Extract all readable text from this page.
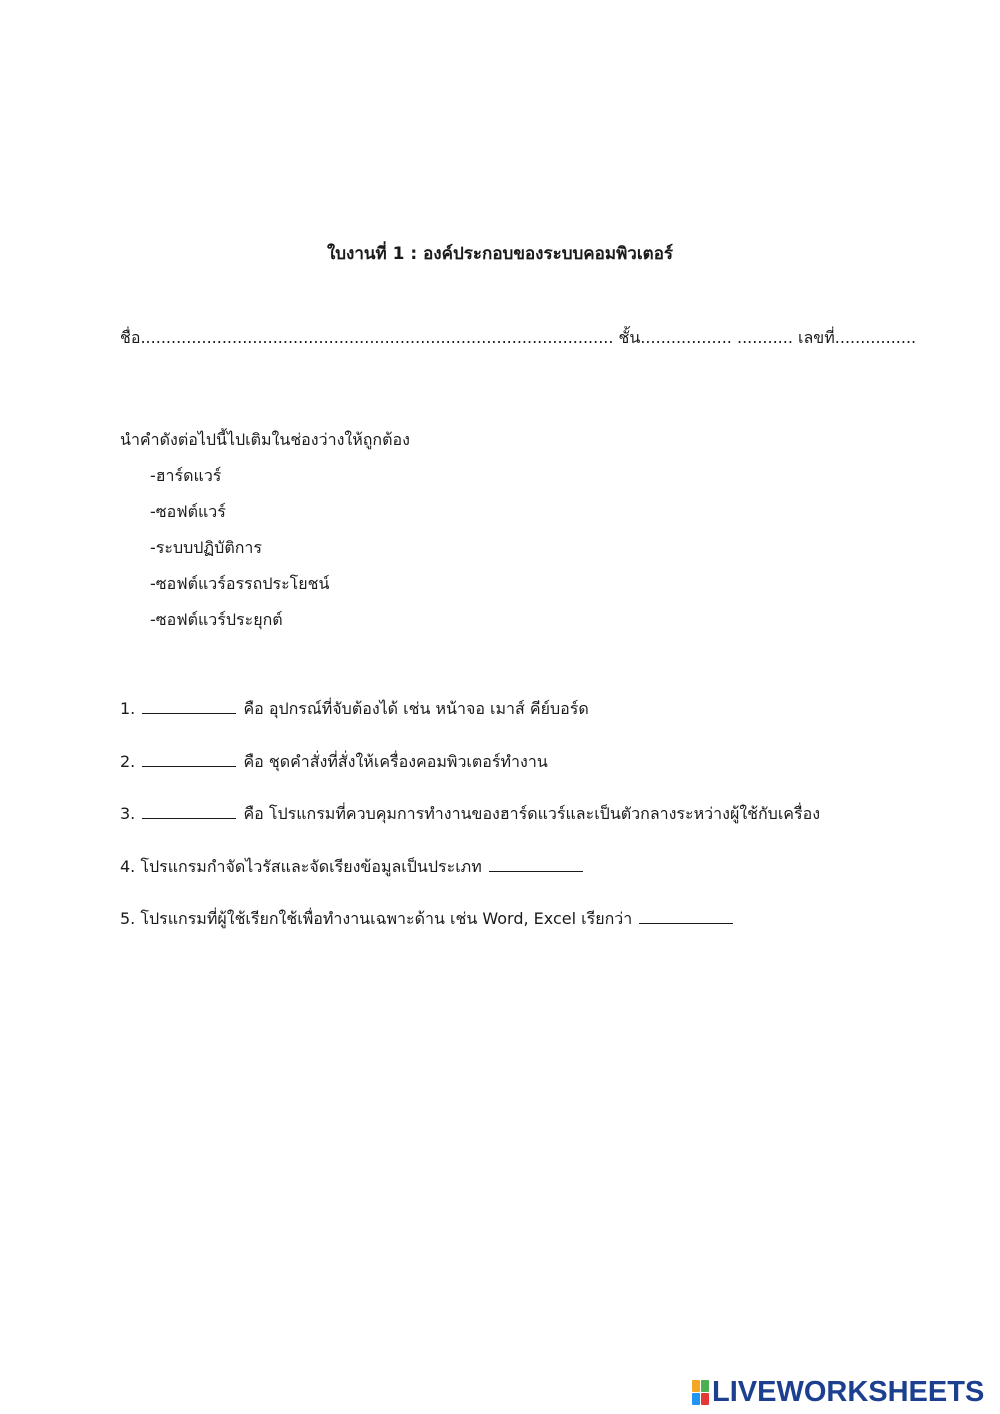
ใบงานที่ 1 : องค์ประกอบของระบบคอมพิวเตอร์
ชื่อ............................................................................................. ชั้น.................. ........... เลขที่................
นำคำดังต่อไปนี้ไปเติมในช่องว่างให้ถูกต้อง
-ฮาร์ดแวร์
-ซอฟต์แวร์
-ระบบปฏิบัติการ
-ซอฟต์แวร์อรรถประโยชน์
-ซอฟต์แวร์ประยุกต์
1.	คือ อุปกรณ์ที่จับต้องได้ เช่น หน้าจอ เมาส์ คีย์บอร์ด
2.	คือ ชุดคำสั่งที่สั่งให้เครื่องคอมพิวเตอร์ทำงาน
3.	คือ โปรแกรมที่ควบคุมการทำงานของฮาร์ดแวร์และเป็นตัวกลางระหว่างผู้ใช้กับเครื่อง
4. โปรแกรมกำจัดไวรัสและจัดเรียงข้อมูลเป็นประเภท
5. โปรแกรมที่ผู้ใช้เรียกใช้เพื่อทำงานเฉพาะด้าน เช่น Word, Excel เรียกว่า
LIVEWORKSHEETS
